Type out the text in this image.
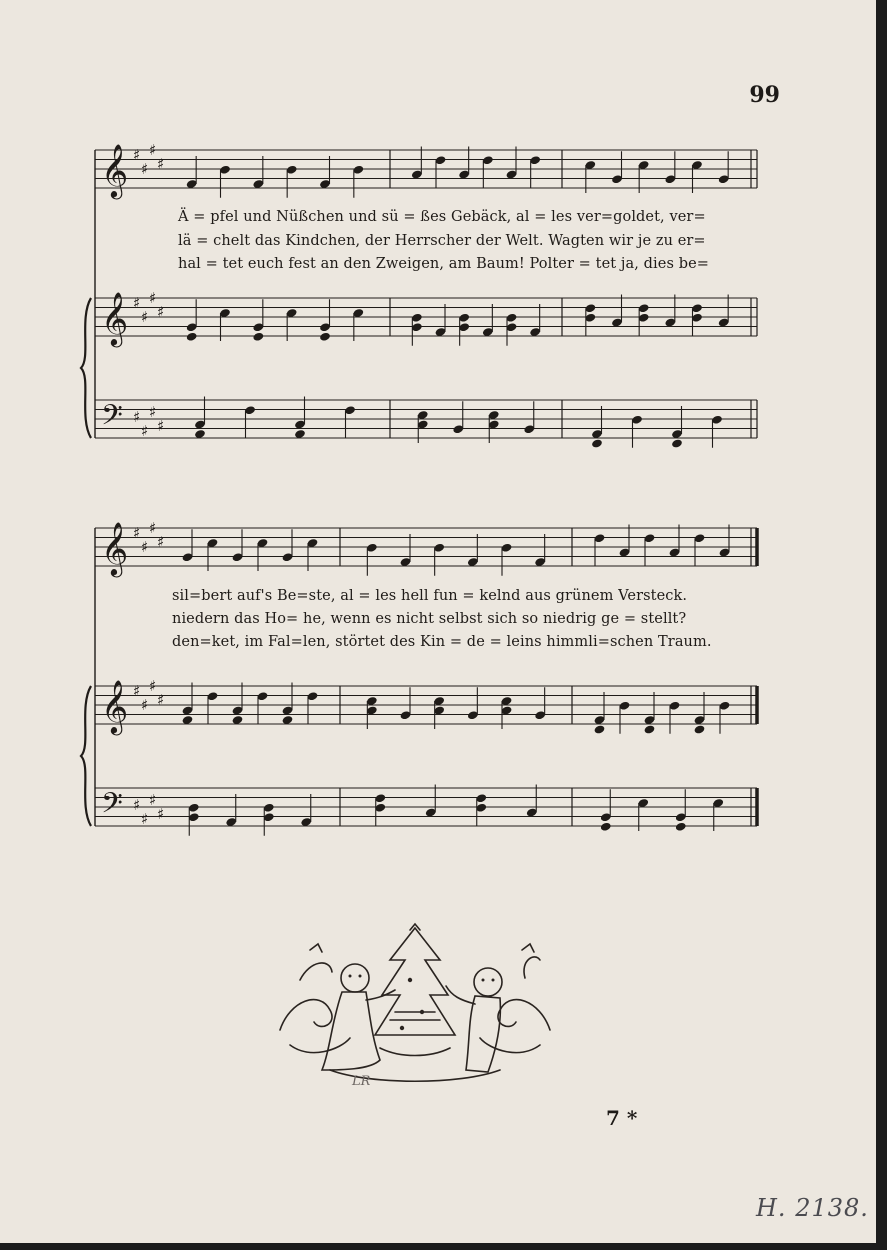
99
𝄞 ♯
♯
♯
♯
𝄞 ♯
♯
♯
♯
𝄢 ♯
♯
♯
♯
𝄞 ♯
♯
♯
♯
𝄞 ♯
♯
♯
♯
𝄢 ♯
♯
♯
♯
Ä = pfel und Nüßchen und sü = ßes Gebäck, al = les ver=goldet, ver=
lä = chelt das Kindchen, der Herrscher der Welt. Wagten wir je zu er=
hal = tet euch fest an den Zweigen, am Baum! Polter = tet ja, dies be=
sil=bert auf's Be=ste, al = les hell fun = kelnd aus grünem Versteck.
niedern das Ho= he, wenn es nicht selbst sich so niedrig ge = stellt?
den=ket, im Fal=len, störtet des Kin = de = leins himmli=schen Traum.
LR
7 *
H. 2138.
